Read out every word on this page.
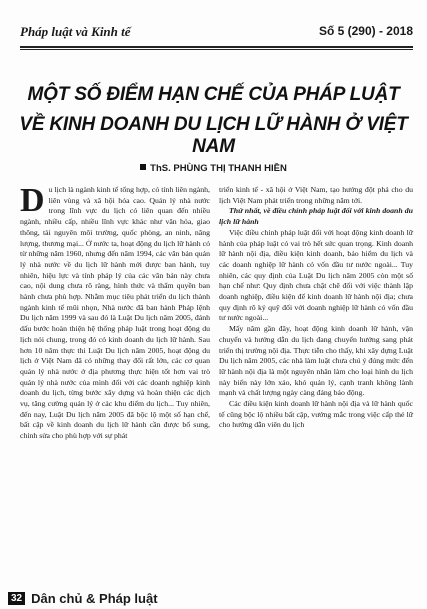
Pháp luật và Kinh tế	Số 5 (290) - 2018
MỘT SỐ ĐIỂM HẠN CHẾ CỦA PHÁP LUẬT
VỀ KINH DOANH DU LỊCH LỮ HÀNH Ở VIỆT NAM
ThS. PHÙNG THỊ THANH HIỀN

Du lịch là ngành kinh tế tổng hợp, có tính liên ngành, liên vùng và xã hội hóa cao. Quản lý nhà nước trong lĩnh vực du lịch có liên quan đến nhiều ngành, nhiều cấp, nhiều lĩnh vực khác như văn hóa, giao thông, tài nguyên môi trường, quốc phòng, an ninh, năng lượng, thương mại... Ở nước ta, hoạt động du lịch lữ hành có từ những năm 1960, nhưng đến năm 1994, các văn bản quản lý nhà nước về du lịch lữ hành mới được ban hành, tuy nhiên, hiệu lực và tính pháp lý của các văn bản này chưa cao, nội dung chưa rõ ràng, hình thức và thẩm quyền ban hành chưa phù hợp. Nhằm mục tiêu phát triển du lịch thành ngành kinh tế mũi nhọn, Nhà nước đã ban hành Pháp lệnh Du lịch năm 1999 và sau đó là Luật Du lịch năm 2005, đánh dấu bước hoàn thiện hệ thống pháp luật trong hoạt động du lịch nói chung, trong đó có kinh doanh du lịch lữ hành. Sau hơn 10 năm thực thi Luật Du lịch năm 2005, hoạt động du lịch ở Việt Nam đã có những thay đổi rất lớn, các cơ quan quản lý nhà nước ở địa phương thực hiện tốt hơn vai trò quản lý nhà nước của mình đối với các doanh nghiệp kinh doanh du lịch, từng bước xây dựng và hoàn thiện các dịch vụ, tăng cường quản lý ở các khu điểm du lịch... Tuy nhiên, đến nay, Luật Du lịch năm 2005 đã bộc lộ một số hạn chế, bất cập về kinh doanh du lịch lữ hành cần được bổ sung, chỉnh sửa cho phù hợp với sự phát

triển kinh tế - xã hội ở Việt Nam, tạo hướng đột phá cho du lịch Việt Nam phát triển trong những năm tới.

Thứ nhất, về điều chỉnh pháp luật đối với kinh doanh du lịch lữ hành

Việc điều chỉnh pháp luật đối với hoạt động kinh doanh lữ hành của pháp luật có vai trò hết sức quan trọng. Kinh doanh lữ hành nội địa, điều kiện kinh doanh, bảo hiểm du lịch và các doanh nghiệp lữ hành có vốn đầu tư nước ngoài... Tuy nhiên, các quy định của Luật Du lịch năm 2005 còn một số hạn chế như: Quy định chưa chặt chẽ đối với việc thành lập doanh nghiệp, điều kiện để kinh doanh lữ hành nội địa; chưa quy định rõ ký quỹ đối với doanh nghiệp lữ hành có vốn đầu tư nước ngoài...

Mấy năm gần đây, hoạt động kinh doanh lữ hành, vận chuyển và hướng dẫn du lịch đang chuyển hướng sang phát triển thị trường nội địa. Thực tiễn cho thấy, khi xây dựng Luật Du lịch năm 2005, các nhà làm luật chưa chú ý đúng mức đến lữ hành nội địa là một nguyên nhân làm cho loại hình du lịch này biến này lớn xảo, khó quản lý, cạnh tranh không lành mạnh và chất lượng ngày càng đáng báo động.

Các điều kiện kinh doanh lữ hành nội địa và lữ hành quốc tế cũng bộc lộ nhiều bất cập, vướng mắc trong việc cấp thẻ lữ cho hướng dẫn viên du lịch

32 Dân chủ & Pháp luật
